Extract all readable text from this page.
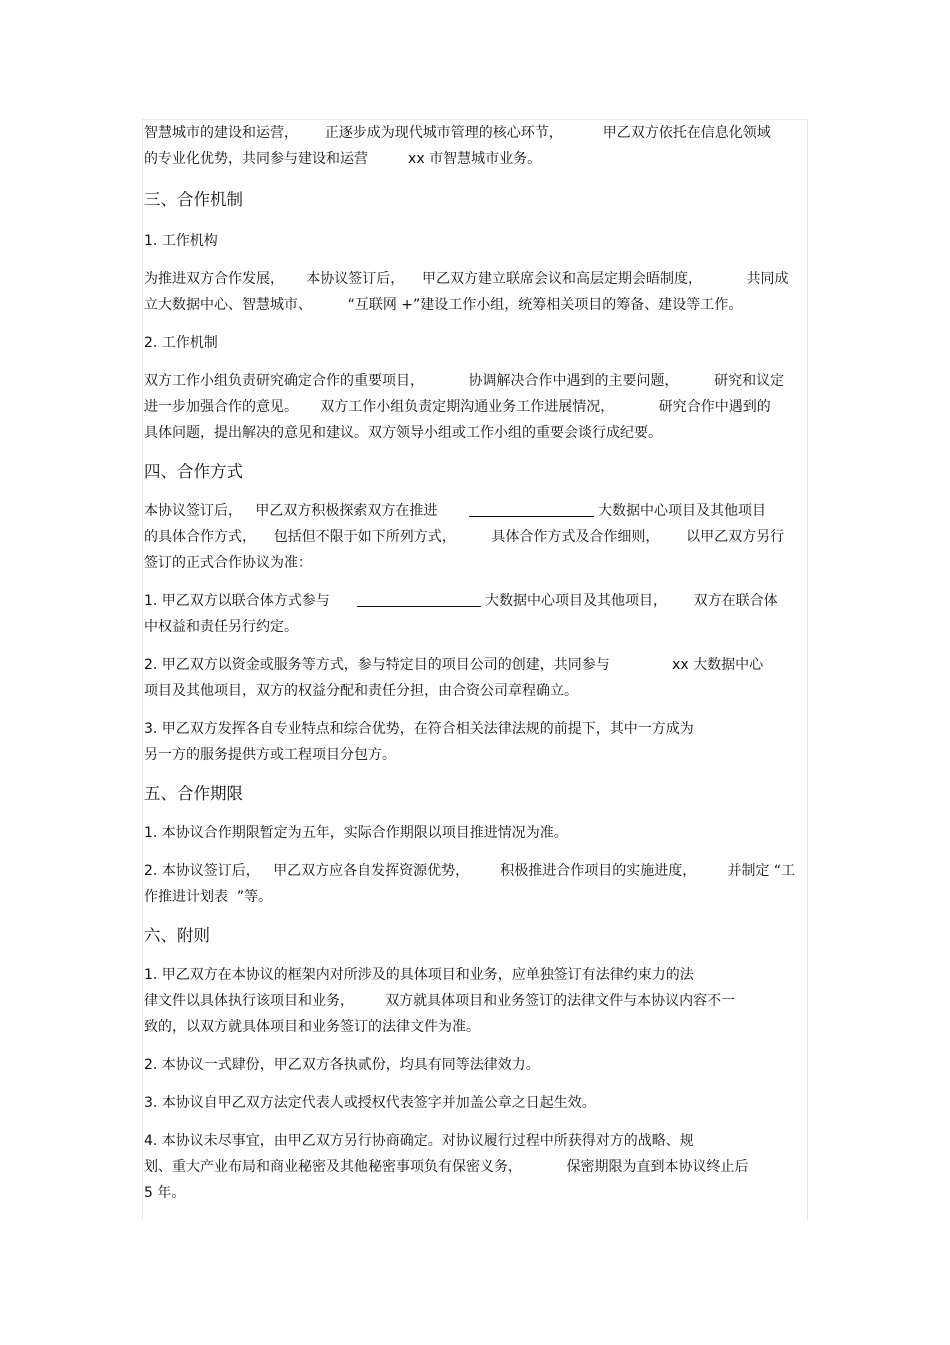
智慧城市的建设和运营，      正逐步成为现代城市管理的核心环节，         甲乙双方依托在信息化领域
的专业化优势，共同参与建设和运营         xx 市智慧城市业务。
三、合作机制
1. 工作机构
为推进双方合作发展，     本协议签订后，    甲乙双方建立联席会议和高层定期会晤制度，          共同成
立大数据中心、智慧城市、        “互联网 +”建设工作小组，统筹相关项目的筹备、建设等工作。
2. 工作机制
双方工作小组负责研究确定合作的重要项目，          协调解决合作中遇到的主要问题，        研究和议定
进一步加强合作的意见。     双方工作小组负责定期沟通业务工作进展情况，          研究合作中遇到的
具体问题，提出解决的意见和建议。双方领导小组或工作小组的重要会谈行成纪要。
四、合作方式
本协议签订后，   甲乙双方积极探索双方在推进	大数据中心项目及其他项目
的具体合作方式，    包括但不限于如下所列方式，        具体合作方式及合作细则，      以甲乙双方另行
签订的正式合作协议为准：
1. 甲乙双方以联合体方式参与	大数据中心项目及其他项目，      双方在联合体
中权益和责任另行约定。
2. 甲乙双方以资金或服务等方式，参与特定目的项目公司的创建，共同参与              xx 大数据中心
项目及其他项目，双方的权益分配和责任分担，由合资公司章程确立。
3. 甲乙双方发挥各自专业特点和综合优势，在符合相关法律法规的前提下，其中一方成为
另一方的服务提供方或工程项目分包方。
五、合作期限
1. 本协议合作期限暂定为五年，实际合作期限以项目推进情况为准。
2. 本协议签订后，   甲乙双方应各自发挥资源优势，       积极推进合作项目的实施进度，       并制定 “工
作推进计划表  ”等。
六、附则
1. 甲乙双方在本协议的框架内对所涉及的具体项目和业务，应单独签订有法律约束力的法
律文件以具体执行该项目和业务，       双方就具体项目和业务签订的法律文件与本协议内容不一
致的，以双方就具体项目和业务签订的法律文件为准。
2. 本协议一式肆份，甲乙双方各执贰份，均具有同等法律效力。
3. 本协议自甲乙双方法定代表人或授权代表签字并加盖公章之日起生效。
4. 本协议未尽事宜，由甲乙双方另行协商确定。对协议履行过程中所获得对方的战略、规
划、重大产业布局和商业秘密及其他秘密事项负有保密义务，          保密期限为直到本协议终止后
5 年。
